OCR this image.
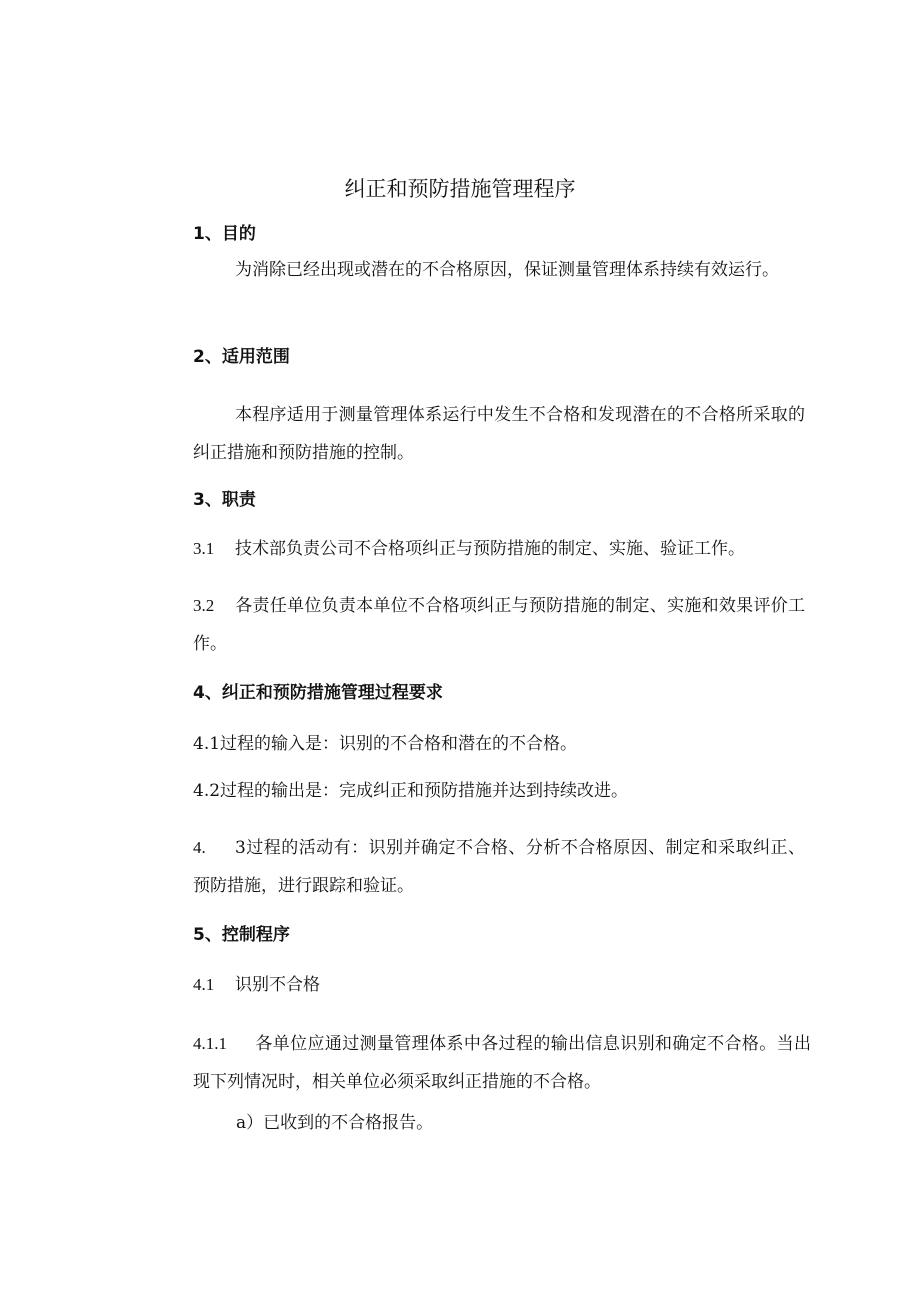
纠正和预防措施管理程序
1、目的
为消除已经出现或潜在的不合格原因，保证测量管理体系持续有效运行。
2、适用范围
本程序适用于测量管理体系运行中发生不合格和发现潜在的不合格所采取的纠正措施和预防措施的控制。
3、职责
3.1 技术部负责公司不合格项纠正与预防措施的制定、实施、验证工作。
3.2 各责任单位负责本单位不合格项纠正与预防措施的制定、实施和效果评价工作。
4、纠正和预防措施管理过程要求
4.1过程的输入是：识别的不合格和潜在的不合格。
4.2过程的输出是：完成纠正和预防措施并达到持续改进。
4. 3过程的活动有：识别并确定不合格、分析不合格原因、制定和采取纠正、预防措施，进行跟踪和验证。
5、控制程序
4.1 识别不合格
4.1.1 各单位应通过测量管理体系中各过程的输出信息识别和确定不合格。当出现下列情况时，相关单位必须采取纠正措施的不合格。
a）已收到的不合格报告。
